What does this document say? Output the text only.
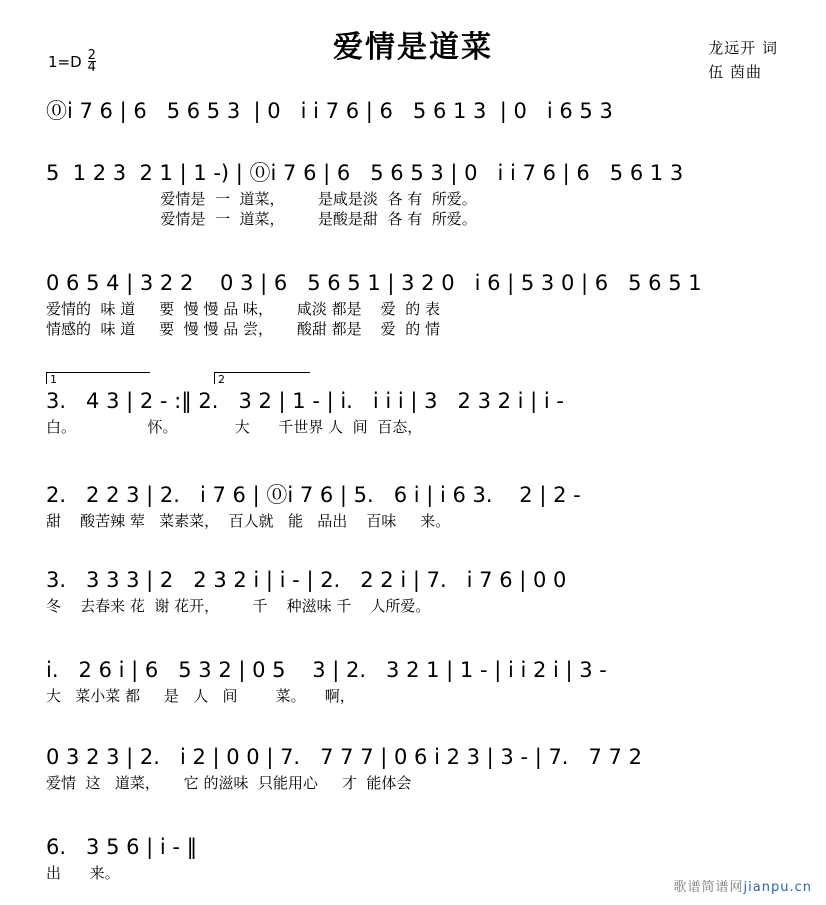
爱情是道菜	龙远开 词
伍 茵曲
$1=D \frac{2}{4}$
⓪i 7 6 | 6   5 6 5 3  | 0   i i 7 6 | 6   5 6 1 3  | 0   i 6 5 3
5  1 2 3  2 1 | 1 -) | ⓪i 7 6 | 6   5 6 5 3 | 0   i i 7 6 | 6   5 6 1 3
爱情是  一  道菜，       是咸是淡  各 有  所爱。
爱情是  一  道菜，       是酸是甜  各 有  所爱。
0 6 5 4 | 3 2 2    0 3 | 6   5 6 5 1 | 3 2 0   i 6 | 5 3 0 | 6   5 6 5 1
爱情的  味 道     要  慢 慢 品 味，     咸淡 都是    爱  的 表
情感的  味 道     要  慢 慢 品 尝，     酸甜 都是    爱  的 情
1	2
3.   4 3 | 2 - :‖ 2.   3 2 | 1 - | i.   i i i | 3   2 3 2 i | i -
白。               怀。            大      千世界 人  间  百态，
2.   2 2 3 | 2.   i 7 6 | ⓪i 7 6 | 5.   6 i | i 6 3.    2 | 2 -
甜    酸苦辣 荤   菜素菜，  百人就   能   品出    百味     来。
3.   3 3 3 | 2   2 3 2 i | i - | 2.   2 2 i | 7.   i 7 6 | 0 0
冬    去春来 花  谢 花开，       千    种滋味 千    人所爱。
i.   2 6 i | 6   5 3 2 | 0 5    3 | 2.   3 2 1 | 1 - | i i 2 i | 3 -
大   菜小菜 都     是   人   间        菜。    啊，
0 3 2 3 | 2.   i 2 | 0 0 | 7.   7 7 7 | 0 6 i 2 3 | 3 - | 7.   7 7 2
爱情  这   道菜，     它 的滋味  只能用心     才  能体会
6.   3 5 6 | i - ‖
出      来。
歌谱简谱网jianpu.cn
